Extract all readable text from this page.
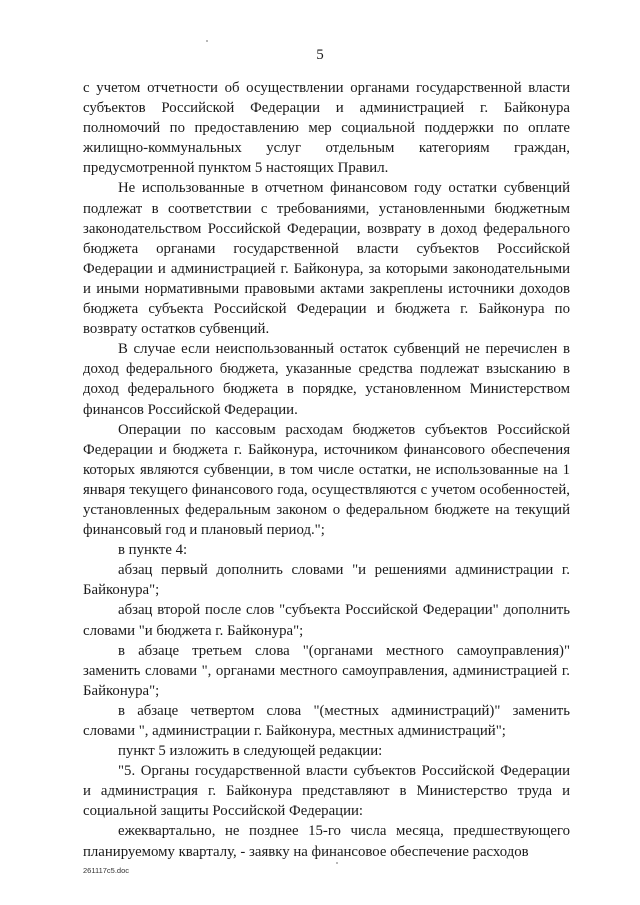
5

с учетом отчетности об осуществлении органами государственной власти субъектов Российской Федерации и администрацией г. Байконура полномочий по предоставлению мер социальной поддержки по оплате жилищно-коммунальных услуг отдельным категориям граждан, предусмотренной пунктом 5 настоящих Правил.

Не использованные в отчетном финансовом году остатки субвенций подлежат в соответствии с требованиями, установленными бюджетным законодательством Российской Федерации, возврату в доход федерального бюджета органами государственной власти субъектов Российской Федерации и администрацией г. Байконура, за которыми законодательными и иными нормативными правовыми актами закреплены источники доходов бюджета субъекта Российской Федерации и бюджета г. Байконура по возврату остатков субвенций.

В случае если неиспользованный остаток субвенций не перечислен в доход федерального бюджета, указанные средства подлежат взысканию в доход федерального бюджета в порядке, установленном Министерством финансов Российской Федерации.

Операции по кассовым расходам бюджетов субъектов Российской Федерации и бюджета г. Байконура, источником финансового обеспечения которых являются субвенции, в том числе остатки, не использованные на 1 января текущего финансового года, осуществляются с учетом особенностей, установленных федеральным законом о федеральном бюджете на текущий финансовый год и плановый период.";

в пункте 4:

абзац первый дополнить словами "и решениями администрации г. Байконура";

абзац второй после слов "субъекта Российской Федерации" дополнить словами "и бюджета г. Байконура";

в абзаце третьем слова "(органами местного самоуправления)" заменить словами ", органами местного самоуправления, администрацией г. Байконура";

в абзаце четвертом слова "(местных администраций)" заменить словами ", администрации г. Байконура, местных администраций";

пункт 5 изложить в следующей редакции:

"5. Органы государственной власти субъектов Российской Федерации и администрация г. Байконура представляют в Министерство труда и социальной защиты Российской Федерации:

ежеквартально, не позднее 15-го числа месяца, предшествующего планируемому кварталу, - заявку на финансовое обеспечение расходов

261117c5.doc
